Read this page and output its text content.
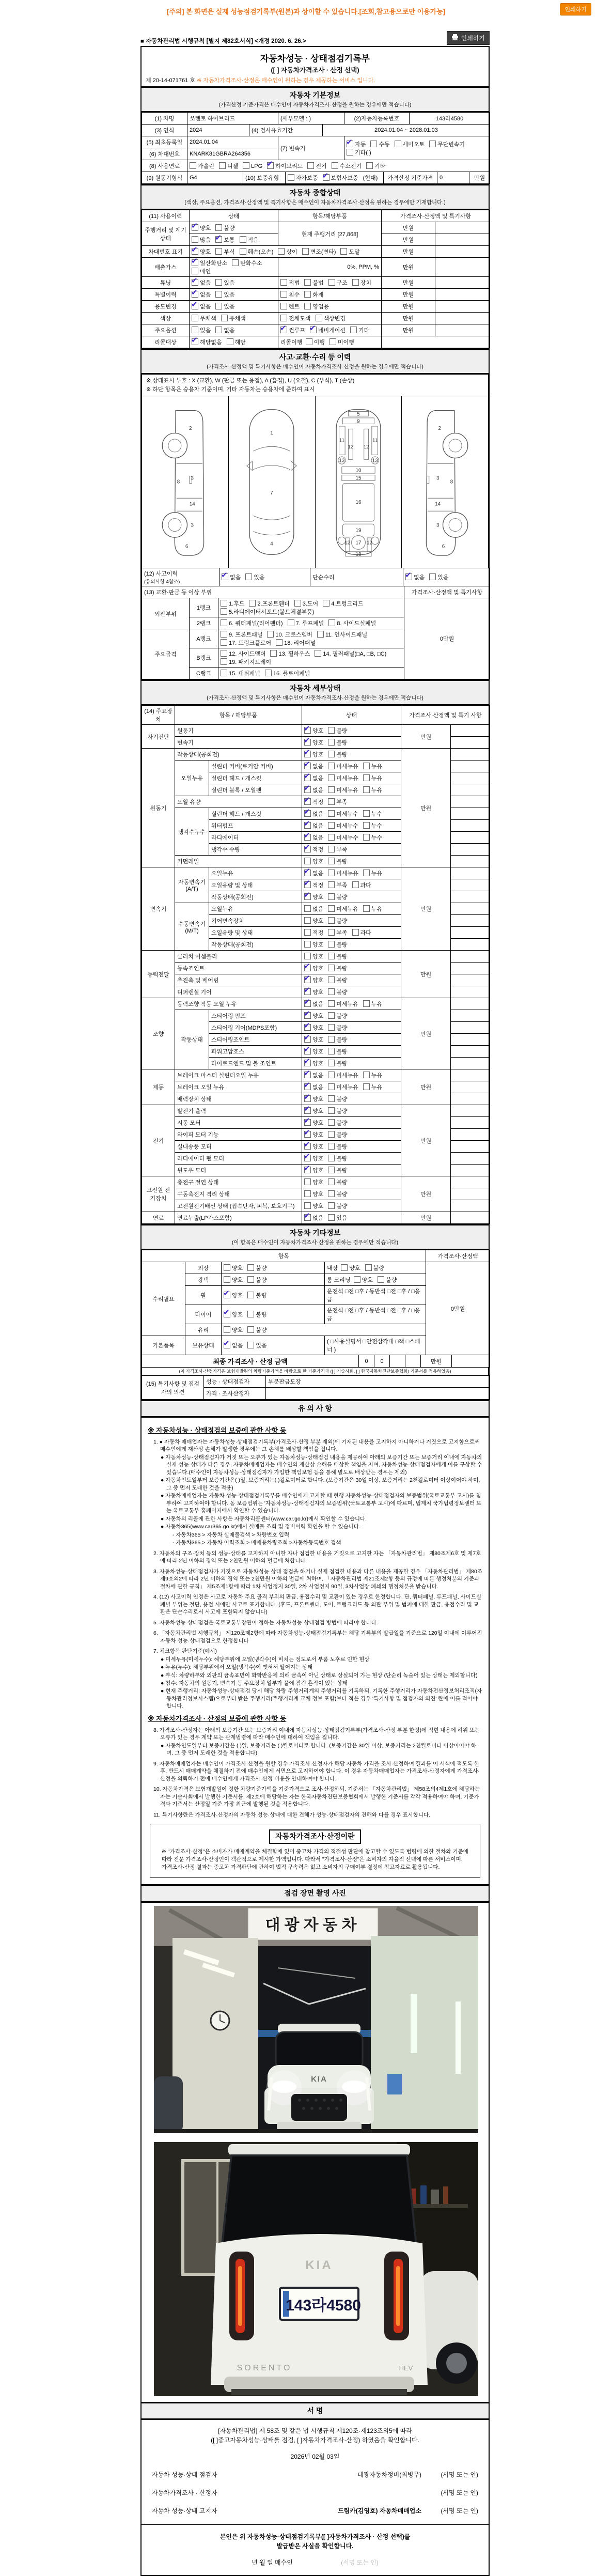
[주의] 본 화면은 실제 성능점검기록부(원본)과 상이할 수 있습니다.[조회,참고용으로만 이용가능]	인쇄하기
■ 자동차관리법 시행규칙 [별지 제82호서식] <개정 2020. 6. 26.>	인쇄하기
자동차성능 · 상태점검기록부
([ ] 자동차가격조사 · 산정 선택)
제 20-14-071761 호 ※ 자동차가격조사·산정은 매수인이 원하는 경우 제공하는 서비스 입니다.
자동차 기본정보
(가격산정 기준가격은 매수인이 자동차가격조사·산정을 원하는 경우에만 적습니다)
(1) 차명	쏘렌토 하이브리드	(세부모델 : )	(2)자동차등록번호	143라4580
(3) 연식	2024	(4) 검사유효기간	2024.01.04 ~ 2028.01.03
(5) 최초등록일	2024.01.04	(7) 변속기	✔자동 수동 세미오토 무단변속기기타( )
(6) 차대번호	KNARK81GBRA264356		
(8) 사용연료	가솔린 디젤 LPG ✔ 하이브리드 전기 수소전기 기타
(9) 원동기형식	G4	(10) 보증유형	자가보증 ✔ 보험사보증 (현대)	가격산정 기준가격	0	만원
자동차 종합상태
(색상, 주요옵션, 가격조사·산정액 및 특기사항은 매수인이 자동차가격조사·산정을 원하는 경우에만 기재합니다.)
(11) 사용이력	상태	항목/해당부품	가격조사·산정액 및 특기사항	
주행거리 및 계기상태	✔양호 불량	현재 주행거리 [27,868]	만원	
	많음 ✔ 보통 적음		만원	
차대번호 표기	✔양호 부식 훼손(오손) 상이 변조(변타) 도말		만원	
배출가스	✔일산화탄소 탄화수소매연	0%, PPM, %	만원	
튜닝	✔없음 있음	적법 불법 구조 장치	만원	
특별이력	✔없음 있음	침수 화재	만원	
용도변경	✔없음 있음	렌트 영업용	만원	
색상	무채색 유채색	전체도색 색상변경	만원	
주요옵션	있음 없음	✔썬루프 ✔ 네비게이션 기타	만원	
리콜대상	✔해당없음 해당	리콜이행 이행 미이행		
사고·교환·수리 등 이력
(가격조사·산정액 및 특기사항은 매수인이 자동차가격조사·산정을 원하는 경우에만 적습니다)
※ 상태표시 부호 : X (교환), W (판금 또는 용접), A (흠집), U (요철), C (부식), T (손상)
※ 하단 항목은 승용차 기준이며, 기타 자동차는 승용차에 준하여 표시
2
8
3
14
3
6
1
7
4
5
9
11	11
12 12
13	13
10
15
16
19
12	12
17
18
2
8
3
14
3
6
(12) 사고이력
(유의사항 4참조)
	✔없음 있음	단순수리	✔없음 있음
(13) 교환·판금 등 이상 부위			가격조사·산정액 및 특기사항
외판부위	1랭크	1.후드 2.프론트휀더 3.도어 4.트렁크리드5.라디에이터서포트(볼트체결부품)	0만원
	2랭크	6. 쿼터패널(리어펜더) 7. 루프패널 8. 사이드실패널	
주요골격	A랭크	9. 프론트패널 10. 크로스멤버 11. 인사이드패널17. 트렁크플로어 18. 리어패널	
	B랭크	12. 사이드멤버 13. 휠하우스 14. 필러패널(□A, □B, □C)19. 패키지트레이	
	C랭크	15. 대쉬패널 16. 플로어패널	
자동차 세부상태
(가격조사·산정액 및 특기사항은 매수인이 자동차가격조사·산정을 원하는 경우에만 적습니다)
(14) 주요장치	항목 / 해당부품		상태	가격조사·산정액 및 특기 사항	
자기진단	원동기	✔양호 불량	만원	
	변속기	✔양호 불량	
원동기	작동상태(공회전)	✔양호 불량	만원	
	오일누유	실린더 커버(로커암 커버)	✔없음 미세누유 누유	
		실린더 헤드 / 개스킷	✔없음 미세누유 누유	
		실린더 블록 / 오일팬	✔없음 미세누유 누유	
	오일 유량	✔적정 부족	
	냉각수누수	실린더 헤드 / 개스킷	✔없음 미세누수 누수	
		워터펌프	✔없음 미세누수 누수	
		라디에이터	✔없음 미세누수 누수	
		냉각수 수량	✔적정 부족	
	커먼레일		양호 불량		
변속기	자동변속기 (A/T)	오일누유	✔없음 미세누유 누유	만원	
		오일유량 및 상태	✔적정 부족 과다	
		작동상태(공회전)	✔양호 불량	
	수동변속기 (M/T)	오일누유	없음 미세누유 누유		
		기어변속장치	양호 불량		
		오일유량 및 상태	적정 부족 과다		
		작동상태(공회전)	양호 불량		
동력전달	클러치 어셈블리		양호 불량	만원	
	등속조인트	✔양호 불량	
	추진축 및 베어링	✔양호 불량	
	디퍼렌셜 기어	✔양호 불량	
조향	동력조향 작동 오일 누유	✔없음 미세누유 누유	만원	
	작동상태	스티어링 펌프	✔양호 불량	
		스티어링 기어(MDPS포함)	✔양호 불량	
		스티어링조인트	✔양호 불량	
		파워고압호스	✔양호 불량	
		타이로드엔드 및 볼 조인트	✔양호 불량	
제동	브레이크 마스터 실린더오일 누유	✔없음 미세누유 누유	만원	
	브레이크 오일 누유	✔없음 미세누유 누유	
	배력장치 상태	✔양호 불량	
전기	발전기 출력	✔양호 불량	만원	
	시동 모터	✔양호 불량	
	와이퍼 모터 기능	✔양호 불량	
	실내송풍 모터	✔양호 불량	
	라디에이터 팬 모터	✔양호 불량	
	윈도우 모터	✔양호 불량	
고전원 전기장치	충전구 절연 상태		양호 불량	만원	
	구동축전지 격리 상태		양호 불량		
	고전원전기배선 상태 (접속단자, 피복, 보호기구)		양호 불량		
연료	연료누출(LP가스포함)	✔없음 있음	만원	
자동차 기타정보
(이 항목은 매수인이 자동차가격조사·산정을 원하는 경우에만 적습니다)
항목				가격조사·산정액
수리필요	외장	양호 불량	내장 양호 불량	0만원
	광택	양호 불량	룸 크리닝 양호 불량	
	휠	✔양호 불량	운전석 □전 □후 / 동반석 □전 □후 / □응급	
	타이어	✔양호 불량	운전석 □전 □후 / 동반석 □전 □후 / □응급	
	유리	양호 불량		
기본품목	보유상태	✔없음 있음	( □사용설명서 □안전삼각대 □잭 □스패너 )	
최종 가격조사 · 산정 금액	0	0			만원	
(이 가격조사·산정가격은 보험개발원의 차량기준가액을 바탕으로 한 기준가격과 ([ ] 기술사회, [ ] 한국자동차진단보증협회) 기준서를 적용하였음)
(15) 특기사항 및 점검자의 의견	성능 · 상태점검자	부분판금도장
	가격 · 조사산정자	
유 의 사 항
※ 자동차성능 · 상태점검의 보증에 관한 사항 등
1. ● 자동차 매매업자는 자동차성능·상태점검기록부(가격조사·산정 부분 제외)에 기재된 내용을 고지하지 아니하거나 거짓으로 고지함으로써 매수인에게 재산상 손해가 발생한 경우에는 그 손해를 배상할 책임을 집니다.
● 자동차성능·상태점검자가 거짓 또는 오류가 있는 자동차성능·상태점검 내용을 제공하여 아래의 보증기간 또는 보증거리 이내에 자동차의 실제 성능·상태가 다른 경우, 자동차매매업자는 매수인의 재산상 손해를 배상할 책임을 지며, 자동차성능·상태점검자에게 이를 구상할 수 있습니다.(매수인이 자동차성능·상태점검자가 가입한 책임보험 등을 통해 별도로 배상받는 경우는 제외)
● 자동차인도일부터 보증기간은( )일, 보증거리는( )킬로미터로 합니다. (보증기간은 30일 이상, 보증거리는 2천킬로미터 이상이어야 하며, 그 중 먼저 도래한 것을 적용)
● 자동차매매업자는 자동차 성능·상태점검기록부를 매수인에게 고지할 때 현행 자동차성능·상태점검자의 보증범위(국토교통부 고시)를 첨부하여 고지하여야 합니다. 동 보증범위는 '자동차성능·상태점검자의 보증범위'(국토교통부 고시)에 따르며, 법제처 국가법령정보센터 또는 국토교통부 홈페이지에서 확인할 수 있습니다.
● 자동차의 리콜에 관한 사항은 자동차리콜센터(www.car.go.kr)에서 확인할 수 있습니다.
● 자동차365(www.car365.go.kr)에서 실매물 조회 및 정비이력 확인을 할 수 있습니다.
- 자동차365 > 자동차 실매물검색 > 차량번호 입력
- 자동차365 > 자동차 이력조회 > 매매용차량조회 >자동차등록번호 검색
2. 자동차의 구조·장치 등의 성능·상태를 고지하지 아니한 자나 점검한 내용을 거짓으로 고지한 자는 「자동차관리법」 제80조제6호 및 제7호에 따라 2년 이하의 징역 또는 2천만원 이하의 벌금에 처합니다.
3. 자동차성능·상태점검자가 거짓으로 자동차성능·상태 점검을 하거나 실제 점검한 내용과 다른 내용을 제공한 경우 「자동차관리법」 제80조제9호의2에 따라 2년 이하의 징역 또는 2천만원 이하의 벌금에 처하며, 「자동차관리법 제21조제2항 등의 규정에 따른 행정처분의 기준과 절차에 관한 규칙」 제5조제1항에 따라 1차 사업정지 30일, 2차 사업정지 90일, 3차사업장 폐쇄의 행정처분을 받습니다.
4. (12) 사고이력 인정은 사고로 자동차 주요 골격 부위의 판금, 용접수리 및 교환이 있는 경우로 한정합니다. 단, 쿼터패널, 루프패널, 사이드실패널 부위는 절단, 용접 시에만 사고로 표기합니다. (후드, 프론트펜더, 도어, 트렁크리드 등 외판 부위 및 범퍼에 대한 판금, 용접수리 및 교환은 단순수리로서 사고에 포함되지 않습니다)
5. 자동차성능·상태점검은 국토교통부장관이 정하는 자동차성능·상태점검 방법에 따라야 합니다.
6. 「자동차관리법 시행규칙」 제120조제2항에 따라 자동차성능·상태점검기록부는 해당 기록부의 발급일을 기준으로 120일 이내에 이루어진 자동차 성능·상태점검으로 한정합니다
7. 체크항목 판단기준(예시)
● 미세누유(미세누수): 해당부위에 오일(냉각수)이 비치는 정도로서 부품 노후로 인한 현상
● 누유(누수): 해당부위에서 오일(냉각수)이 맺혀서 떨어지는 상태
● 부식: 차량하부와 외판의 금속표면이 화학반응에 의해 금속이 아닌 상태로 상실되어 가는 현상 (단순히 녹슬어 있는 상태는 제외합니다)
● 침수: 자동차의 원동기, 변속기 등 주요장치 일부가 물에 잠긴 흔적이 있는 상태
● 현재 주행거리: 자동차성능·상태점검 당시 해당 차량 주행거리계의 주행거리를 기록하되, 기록한 주행거리가 자동차전산정보처리조직(자동차관리정보시스템)으로부터 받은 주행거리(주행거리계 교체 정보 포함)보다 적은 경우 '특기사항 및 점검자의 의견' 란에 이를 적어야 합니다.
※ 자동차가격조사 · 산정의 보증에 관한 사항 등
8. 가격조사·산정자는 아래의 보증기간 또는 보증거리 이내에 자동차성능·상태점검기록부(가격조사·산정 부분 한정)에 적힌 내용에 허위 또는 오류가 있는 경우 계약 또는 관계법령에 따라 매수인에 대하여 책임을 집니다.
● 자동차인도일부터 보증기간은 ( )일, 보증거리는 ( )킬로미터로 합니다. (보증기간은 30일 이상, 보증거리는 2천킬로미터 이상이어야 하며, 그 중 먼저 도래한 것을 적용합니다)
9. 자동차매매업자는 매수인이 가격조사·산정을 원할 경우 가격조사·산정자가 해당 자동차 가격을 조사·산정하여 결과를 이 서식에 적도록 한 후, 반드시 매매계약을 체결하기 전에 매수인에게 서면으로 고지하여야 합니다. 이 경우 자동차매매업자는 가격조사·산정자에게 가격조사·산정을 의뢰하기 전에 매수인에게 가격조사·산정 비용을 안내하여야 합니다.
10. 자동차가격은 보험개발원이 정한 차량기준가액을 기준가격으로 조사·산정하되, 기준서는 「자동차관리법」 제58조의4제1호에 해당하는 자는 기술사회에서 발행한 기준서를, 제2호에 해당하는 자는 한국자동차진단보증협회에서 발행한 기준서를 각각 적용하여야 하며, 기준가격과 기준서는 산정일 기준 가장 최근에 발행된 것을 적용합니다.
11. 특기사항란은 가격조사·산정자의 자동차 성능·상태에 대한 견해가 성능·상태점검자의 견해와 다를 경우 표시합니다.
자동차가격조사·산정이란
※ "가격조사·산정"은 소비자가 매매계약을 체결함에 있어 중고차 가격의 적절성 판단에 참고할 수 있도록 법령에 의한 절차와 기준에 따라 전문 가격조사·산정인이 객관적으로 제시한 가액입니다. 따라서 "가격조사·산정"은 소비자의 자율적 선택에 따른 서비스이며, 가격조사·산정 결과는 중고차 가격판단에 관하여 법적 구속력은 없고 소비자의 구매여부 결정에 참고자료로 활용됩니다.
점검 장면 촬영 사진
대광자동차
KIA
KIA
143라4580
SORENTO	HEV
서 명
[자동차관리법] 제 58조 및 같은 법 시행규칙 제120조·제123조의5에 따라
([ ]중고자동차성능·상태를 점검, [ ]자동차가격조사·산정) 하였음을 확인합니다.
2026년 02월 03일
자동차 성능·상태 점검자	대광자동차정비(최병무)	(서명 또는 인)
자동차가격조사 · 산정자	(서명 또는 인)
자동차 성능·상태 고지자	드림카(김영호) 자동차매매업소	(서명 또는 인)
본인은 위 자동차성능·상태점검기록부([ ]자동차가격조사 · 산정 선택)를
발급받은 사실을 확인합니다.
년 월 일 매수인	(서명 또는 인)
